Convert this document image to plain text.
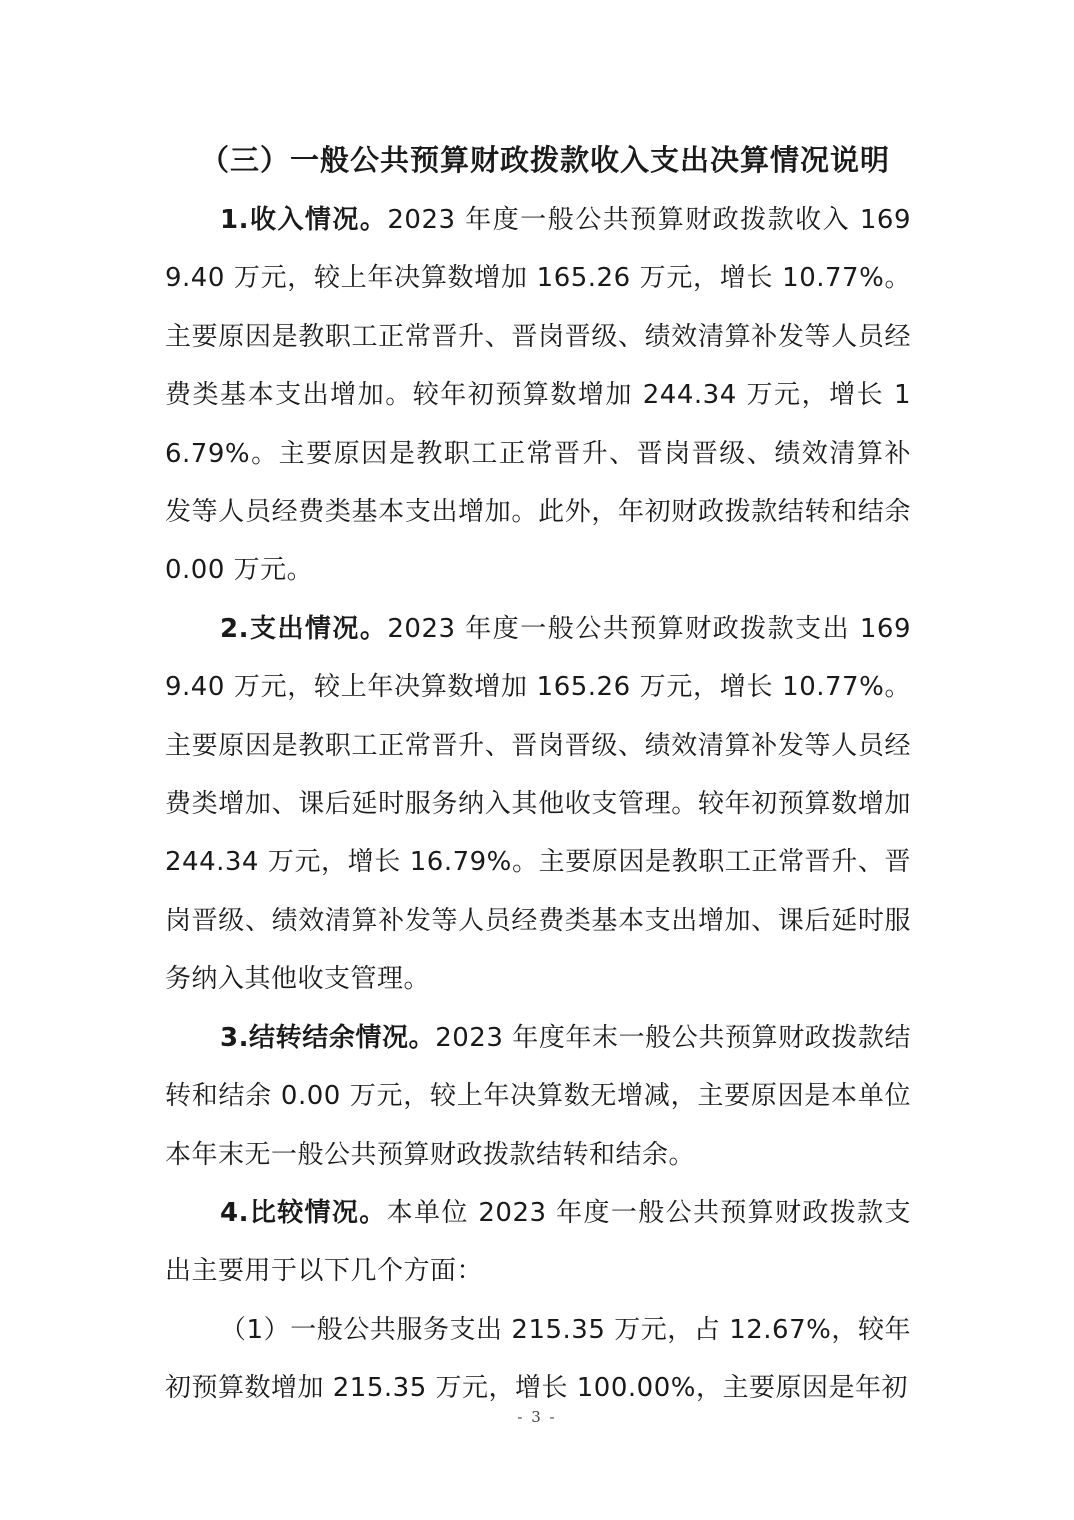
（三）一般公共预算财政拨款收入支出决算情况说明

1.收入情况。2023 年度一般公共预算财政拨款收入 1699.40 万元，较上年决算数增加 165.26 万元，增长 10.77%。主要原因是教职工正常晋升、晋岗晋级、绩效清算补发等人员经费类基本支出增加。较年初预算数增加 244.34 万元，增长 16.79%。主要原因是教职工正常晋升、晋岗晋级、绩效清算补发等人员经费类基本支出增加。此外，年初财政拨款结转和结余 0.00 万元。

2.支出情况。2023 年度一般公共预算财政拨款支出 1699.40 万元，较上年决算数增加 165.26 万元，增长 10.77%。主要原因是教职工正常晋升、晋岗晋级、绩效清算补发等人员经费类增加、课后延时服务纳入其他收支管理。较年初预算数增加 244.34 万元，增长 16.79%。主要原因是教职工正常晋升、晋岗晋级、绩效清算补发等人员经费类基本支出增加、课后延时服务纳入其他收支管理。

3.结转结余情况。2023 年度年末一般公共预算财政拨款结转和结余 0.00 万元，较上年决算数无增减，主要原因是本单位本年末无一般公共预算财政拨款结转和结余。

4.比较情况。本单位 2023 年度一般公共预算财政拨款支出主要用于以下几个方面：

（1）一般公共服务支出 215.35 万元，占 12.67%，较年初预算数增加 215.35 万元，增长 100.00%，主要原因是年初

- 3 -
